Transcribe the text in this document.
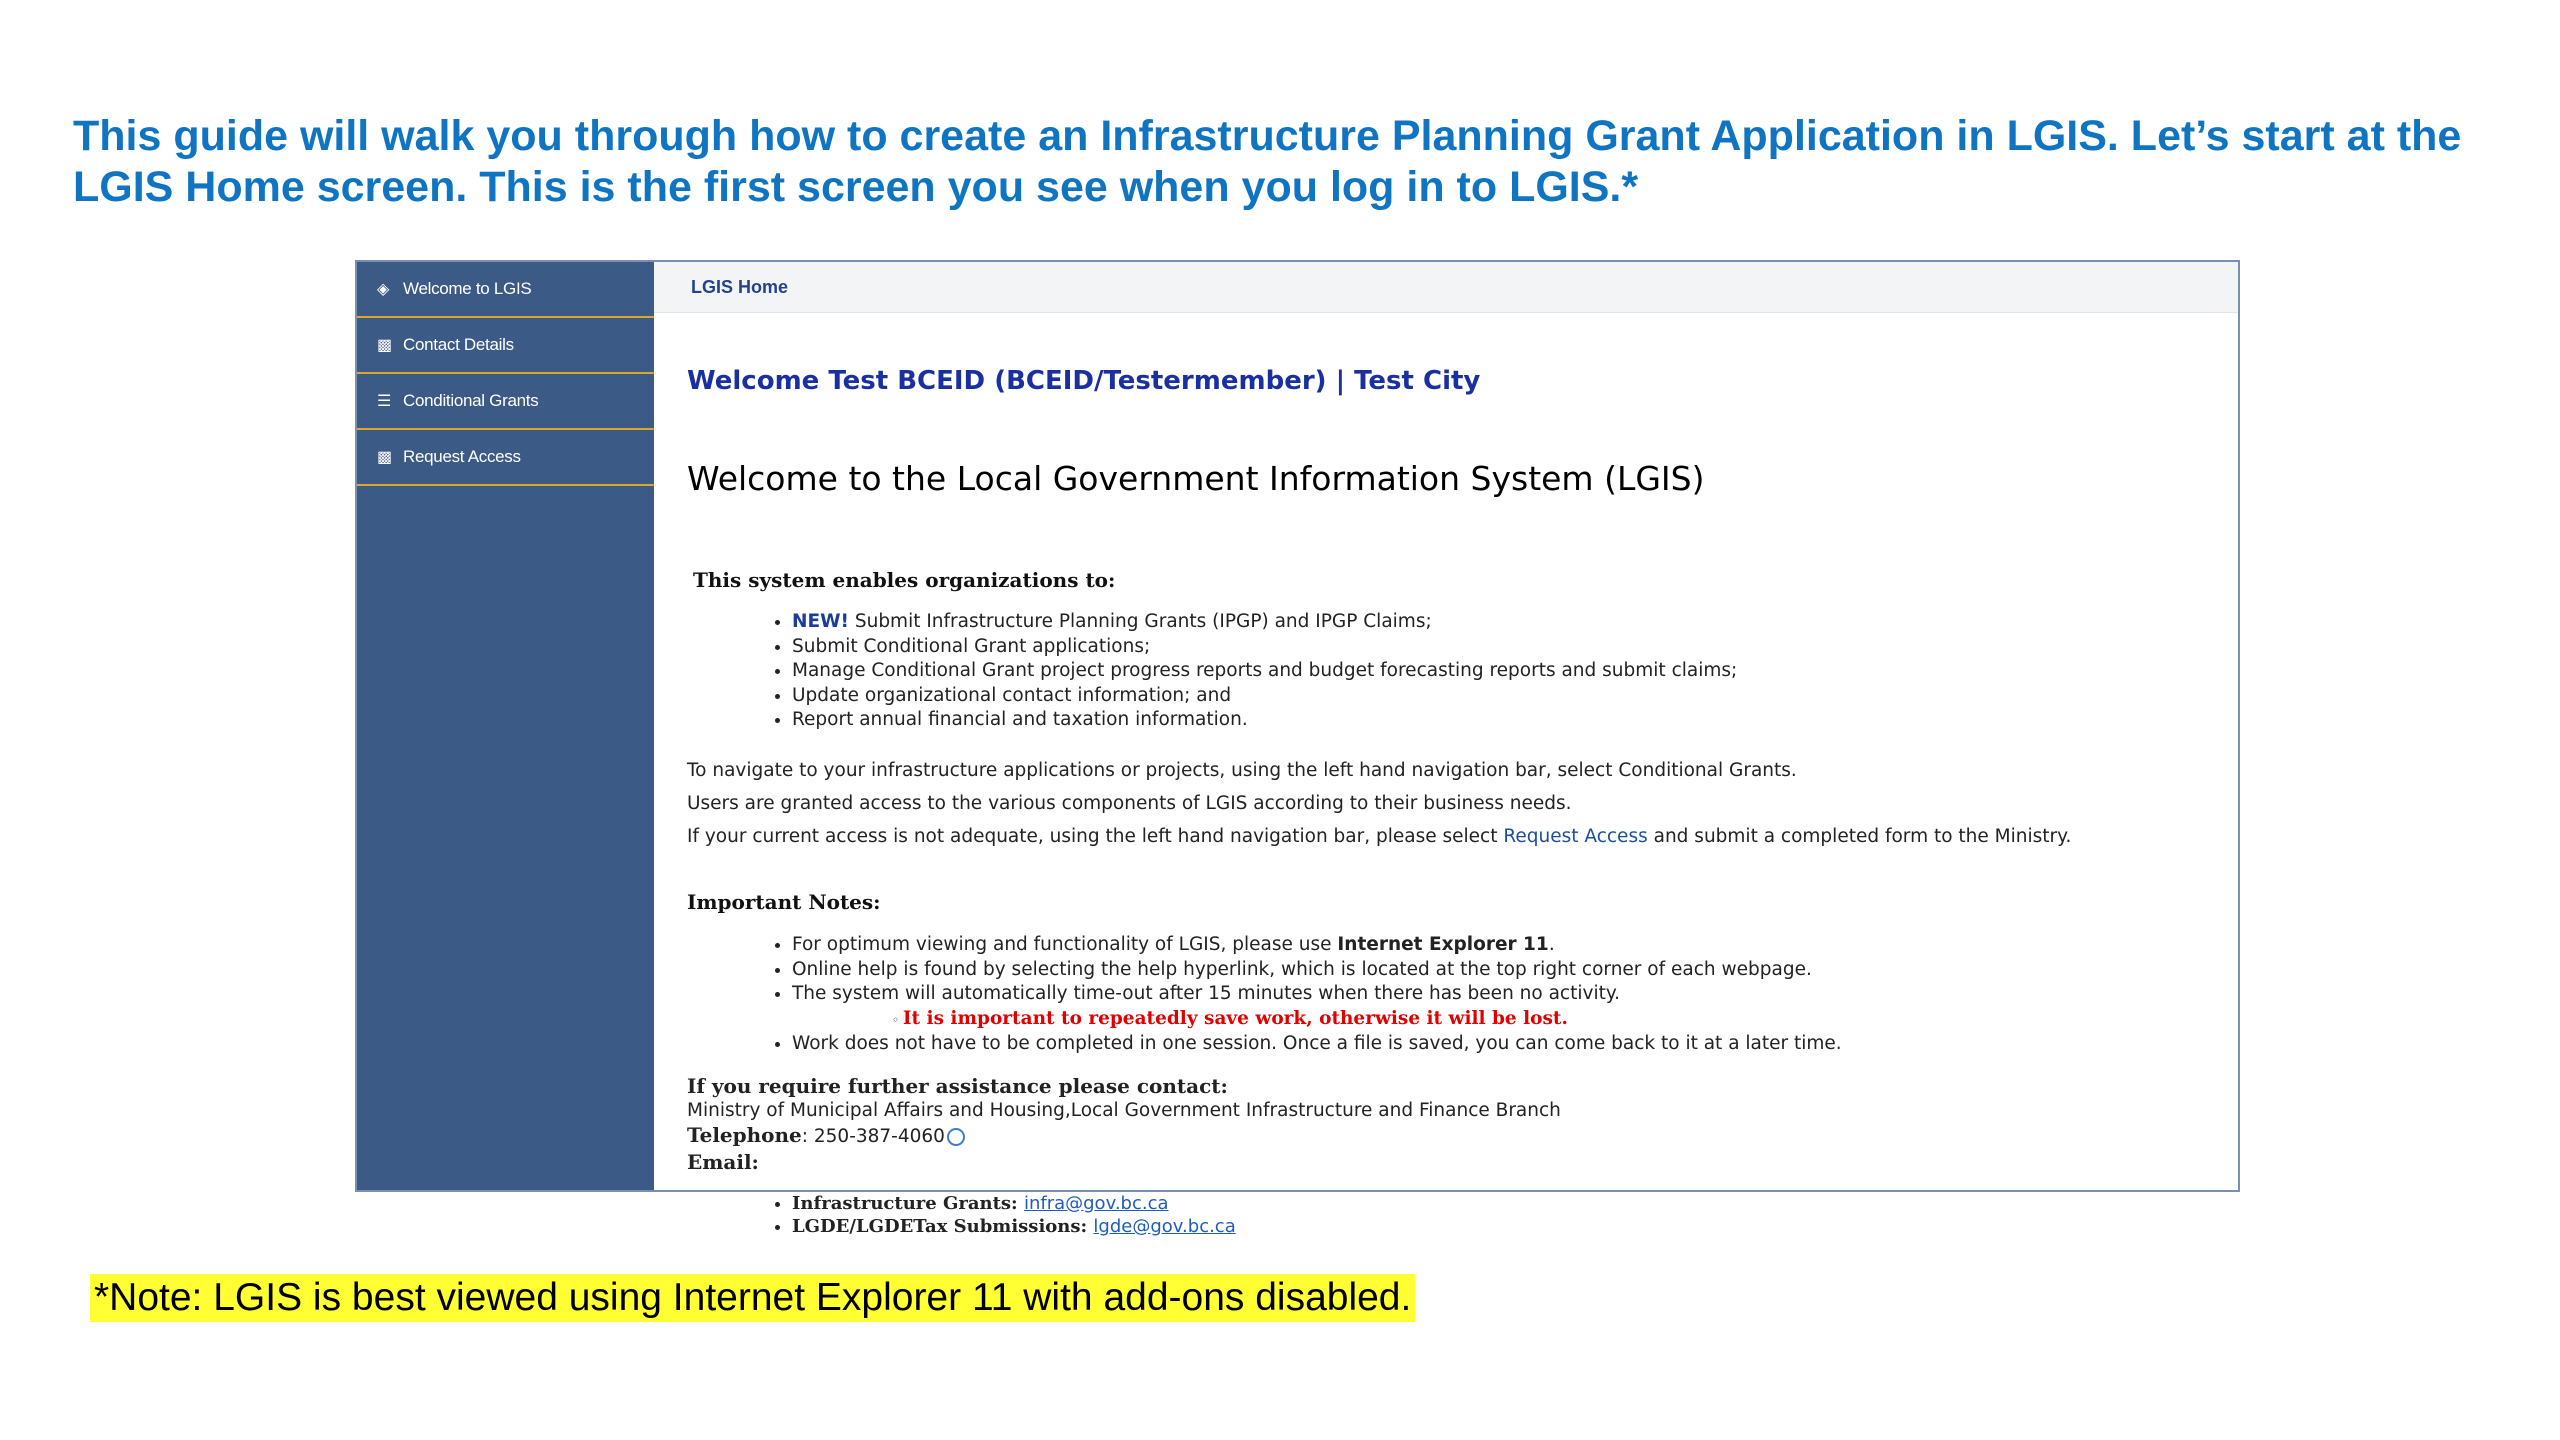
This guide will walk you through how to create an Infrastructure Planning Grant Application in LGIS. Let’s start at the
LGIS Home screen. This is the first screen you see when you log in to LGIS.*
◈ Welcome to LGIS
▩ Contact Details
☰ Conditional Grants
▩ Request Access
LGIS Home
Welcome Test BCEID (BCEID/Testermember) | Test City
Welcome to the Local Government Information System (LGIS)
This system enables organizations to:
• NEW! Submit Infrastructure Planning Grants (IPGP) and IPGP Claims;
• Submit Conditional Grant applications;
• Manage Conditional Grant project progress reports and budget forecasting reports and submit claims;
• Update organizational contact information; and
• Report annual financial and taxation information.
To navigate to your infrastructure applications or projects, using the left hand navigation bar, select Conditional Grants.
Users are granted access to the various components of LGIS according to their business needs.
If your current access is not adequate, using the left hand navigation bar, please select Request Access and submit a completed form to the Ministry.
Important Notes:
• For optimum viewing and functionality of LGIS, please use Internet Explorer 11.
• Online help is found by selecting the help hyperlink, which is located at the top right corner of each webpage.
• The system will automatically time-out after 15 minutes when there has been no activity.
◦ It is important to repeatedly save work, otherwise it will be lost.
• Work does not have to be completed in one session. Once a file is saved, you can come back to it at a later time.
If you require further assistance please contact:
Ministry of Municipal Affairs and Housing,Local Government Infrastructure and Finance Branch
Telephone: 250-387-4060
Email:
• Infrastructure Grants: infra@gov.bc.ca
• LGDE/LGDETax Submissions: lgde@gov.bc.ca
*Note: LGIS is best viewed using Internet Explorer 11 with add-ons disabled.
